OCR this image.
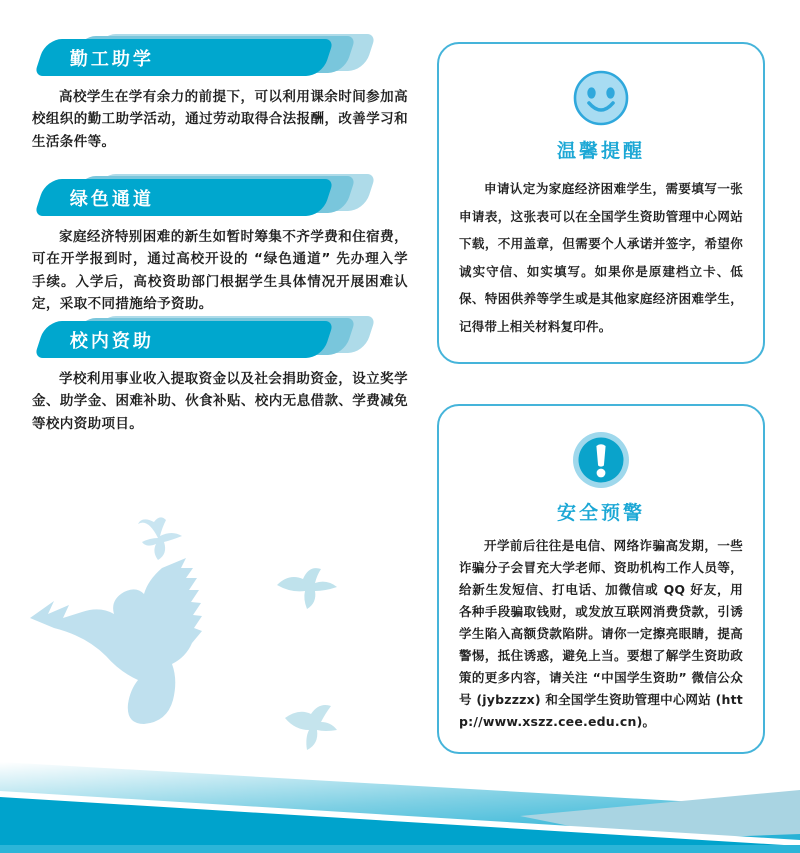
勤工助学

高校学生在学有余力的前提下，可以利用课余时间参加高校组织的勤工助学活动，通过劳动取得合法报酬，改善学习和生活条件等。

绿色通道

家庭经济特别困难的新生如暂时筹集不齐学费和住宿费，可在开学报到时，通过高校开设的 “绿色通道” 先办理入学手续。入学后，高校资助部门根据学生具体情况开展困难认定，采取不同措施给予资助。

校内资助

学校利用事业收入提取资金以及社会捐助资金，设立奖学金、助学金、困难补助、伙食补贴、校内无息借款、学费减免等校内资助项目。

温馨提醒

申请认定为家庭经济困难学生，需要填写一张申请表，这张表可以在全国学生资助管理中心网站下载，不用盖章，但需要个人承诺并签字，希望你诚实守信、如实填写。如果你是原建档立卡、低保、特困供养等学生或是其他家庭经济困难学生，记得带上相关材料复印件。

安全预警

开学前后往往是电信、网络诈骗高发期，一些诈骗分子会冒充大学老师、资助机构工作人员等，给新生发短信、打电话、加微信或 QQ 好友，用各种手段骗取钱财，或发放互联网消费贷款，引诱学生陷入高额贷款陷阱。请你一定擦亮眼睛，提高警惕，抵住诱惑，避免上当。要想了解学生资助政策的更多内容，请关注 “中国学生资助” 微信公众号 (jybzzzx) 和全国学生资助管理中心网站 (http://www.xszz.cee.edu.cn)。
